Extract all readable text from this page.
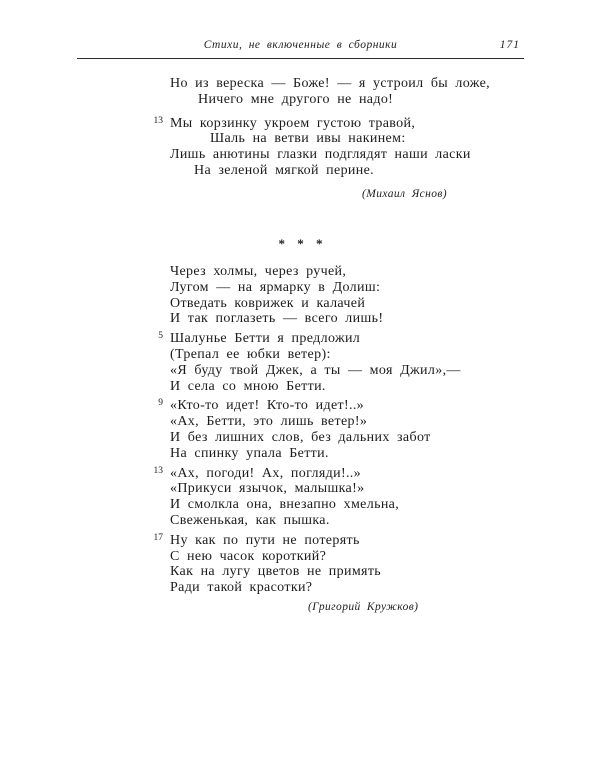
Стихи, не включенные в сборники	171
Но из вереска — Боже! — я устроил бы ложе,
Ничего мне другого не надо!
13 Мы корзинку укроем густою травой,
Шаль на ветви ивы накинем:
Лишь анютины глазки подглядят наши ласки
На зеленой мягкой перине.
(Михаил Яснов)
* * *
Через холмы, через ручей,
Лугом — на ярмарку в Долиш:
Отведать коврижек и калачей
И так поглазеть — всего лишь!
5 Шалунье Бетти я предложил
(Трепал ее юбки ветер):
«Я буду твой Джек, а ты — моя Джил»,—
И села со мною Бетти.
9 «Кто-то идет! Кто-то идет!..»
«Ах, Бетти, это лишь ветер!»
И без лишних слов, без дальних забот
На спинку упала Бетти.
13 «Ах, погоди! Ах, погляди!..»
«Прикуси язычок, малышка!»
И смолкла она, внезапно хмельна,
Свеженькая, как пышка.
17 Ну как по пути не потерять
С нею часок короткий?
Как на лугу цветов не примять
Ради такой красотки?
(Григорий Кружков)
